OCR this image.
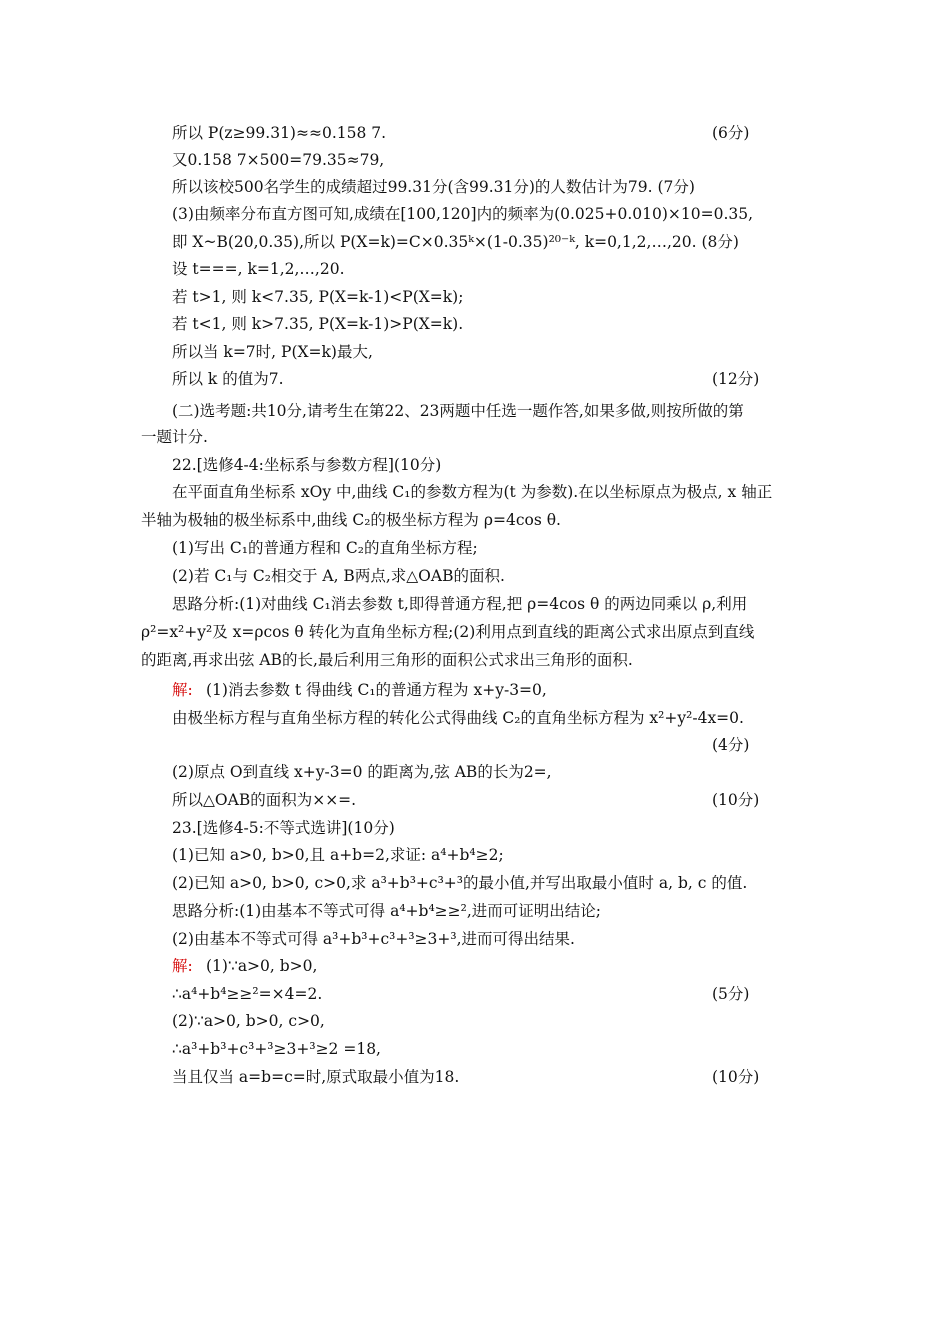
所以 P(z≥99.31)≈≈0.158 7.	(6分)
又0.158 7×500=79.35≈79,
所以该校500名学生的成绩超过99.31分(含99.31分)的人数估计为79. (7分)
(3)由频率分布直方图可知,成绩在[100,120]内的频率为(0.025+0.010)×10=0.35,
即 X~B(20,0.35),所以 P(X=k)=C×0.35ᵏ×(1-0.35)²⁰⁻ᵏ, k=0,1,2,…,20. (8分)
设 t===, k=1,2,…,20.
若 t>1, 则 k<7.35, P(X=k-1)<P(X=k);
若 t<1, 则 k>7.35, P(X=k-1)>P(X=k).
所以当 k=7时, P(X=k)最大,
所以 k 的值为7.	(12分)
(二)选考题:共10分,请考生在第22、23两题中任选一题作答,如果多做,则按所做的第
一题计分.
22.[选修4-4:坐标系与参数方程](10分)
在平面直角坐标系 xOy 中,曲线 C₁的参数方程为(t 为参数).在以坐标原点为极点, x 轴正
半轴为极轴的极坐标系中,曲线 C₂的极坐标方程为 ρ=4cos θ.
(1)写出 C₁的普通方程和 C₂的直角坐标方程;
(2)若 C₁与 C₂相交于 A, B两点,求△OAB的面积.
思路分析:(1)对曲线 C₁消去参数 t,即得普通方程,把 ρ=4cos θ 的两边同乘以 ρ,利用
ρ²=x²+y²及 x=ρcos θ 转化为直角坐标方程;(2)利用点到直线的距离公式求出原点到直线
的距离,再求出弦 AB的长,最后利用三角形的面积公式求出三角形的面积.
解: (1)消去参数 t 得曲线 C₁的普通方程为 x+y-3=0,
由极坐标方程与直角坐标方程的转化公式得曲线 C₂的直角坐标方程为 x²+y²-4x=0.
(4分)
(2)原点 O到直线 x+y-3=0 的距离为,弦 AB的长为2=,
所以△OAB的面积为××=.	(10分)
23.[选修4-5:不等式选讲](10分)
(1)已知 a>0, b>0,且 a+b=2,求证: a⁴+b⁴≥2;
(2)已知 a>0, b>0, c>0,求 a³+b³+c³+³的最小值,并写出取最小值时 a, b, c 的值.
思路分析:(1)由基本不等式可得 a⁴+b⁴≥≥²,进而可证明出结论;
(2)由基本不等式可得 a³+b³+c³+³≥3+³,进而可得出结果.
解: (1)∵a>0, b>0,
∴a⁴+b⁴≥≥²=×4=2.	(5分)
(2)∵a>0, b>0, c>0,
∴a³+b³+c³+³≥3+³≥2 =18,
当且仅当 a=b=c=时,原式取最小值为18.	(10分)
